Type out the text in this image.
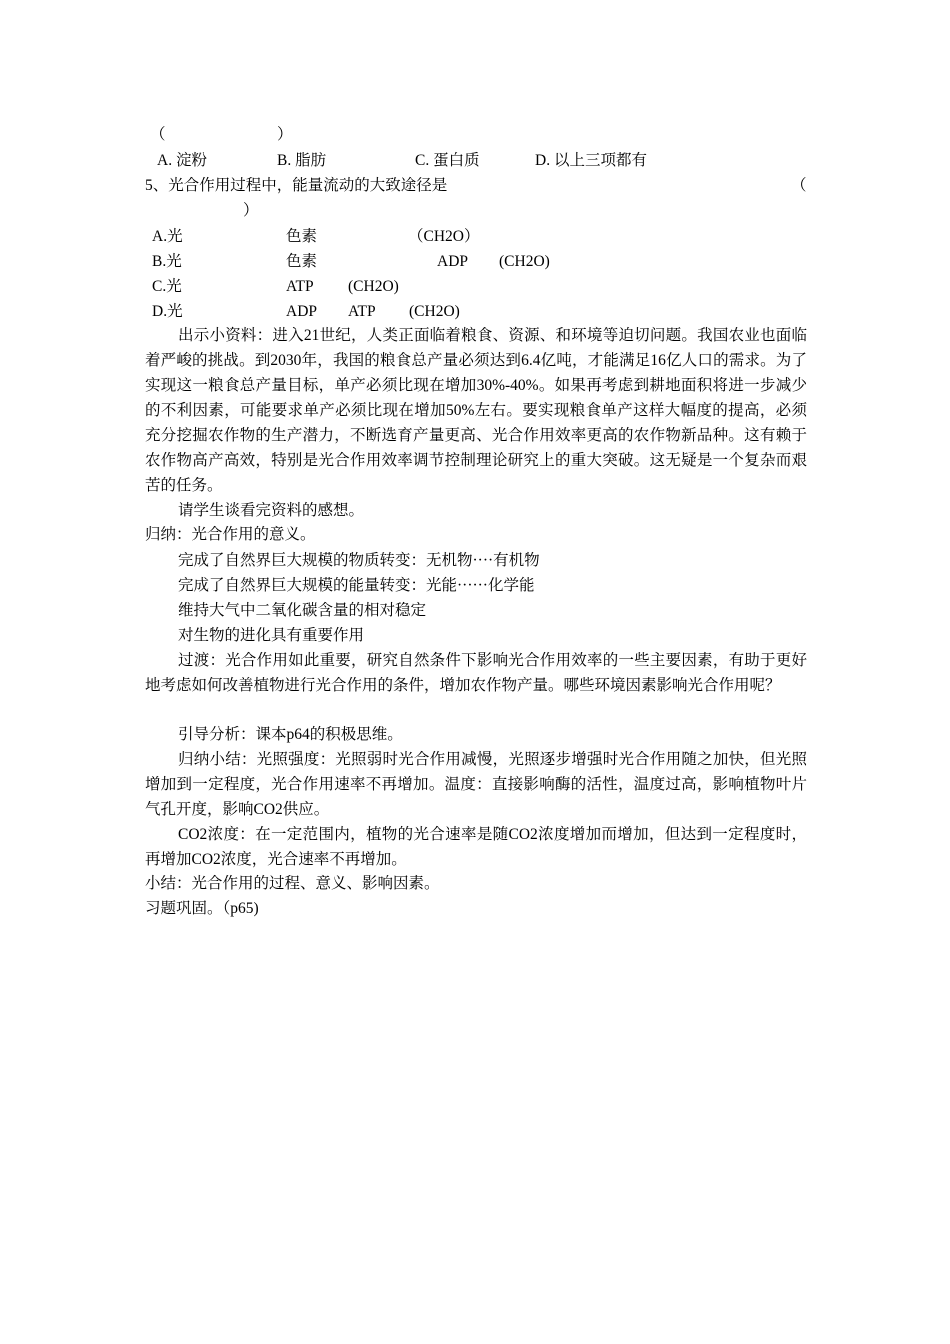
（	）
A. 淀粉	B. 脂肪	C. 蛋白质	D. 以上三项都有
5、光合作用过程中，能量流动的大致途径是	（
）
A.光	色素	（CH2O）
B.光	色素	ADP (CH2O)
C.光	ATP (CH2O)
D.光	ADP ATP (CH2O)
出示小资料：进入21世纪，人类正面临着粮食、资源、和环境等迫切问题。我国农业也面临着严峻的挑战。到2030年，我国的粮食总产量必须达到6.4亿吨，才能满足16亿人口的需求。为了实现这一粮食总产量目标，单产必须比现在增加30%-40%。如果再考虑到耕地面积将进一步减少的不利因素，可能要求单产必须比现在增加50%左右。要实现粮食单产这样大幅度的提高，必须充分挖掘农作物的生产潜力，不断选育产量更高、光合作用效率更高的农作物新品种。这有赖于农作物高产高效，特别是光合作用效率调节控制理论研究上的重大突破。这无疑是一个复杂而艰苦的任务。
请学生谈看完资料的感想。
归纳：光合作用的意义。
完成了自然界巨大规模的物质转变：无机物····有机物
完成了自然界巨大规模的能量转变：光能······化学能
维持大气中二氧化碳含量的相对稳定
对生物的进化具有重要作用
过渡：光合作用如此重要，研究自然条件下影响光合作用效率的一些主要因素，有助于更好地考虑如何改善植物进行光合作用的条件，增加农作物产量。哪些环境因素影响光合作用呢？
引导分析：课本p64的积极思维。
归纳小结：光照强度：光照弱时光合作用减慢，光照逐步增强时光合作用随之加快，但光照增加到一定程度，光合作用速率不再增加。温度：直接影响酶的活性，温度过高，影响植物叶片气孔开度，影响CO2供应。
CO2浓度：在一定范围内，植物的光合速率是随CO2浓度增加而增加，但达到一定程度时，再增加CO2浓度，光合速率不再增加。
小结：光合作用的过程、意义、影响因素。
习题巩固。（p65)
